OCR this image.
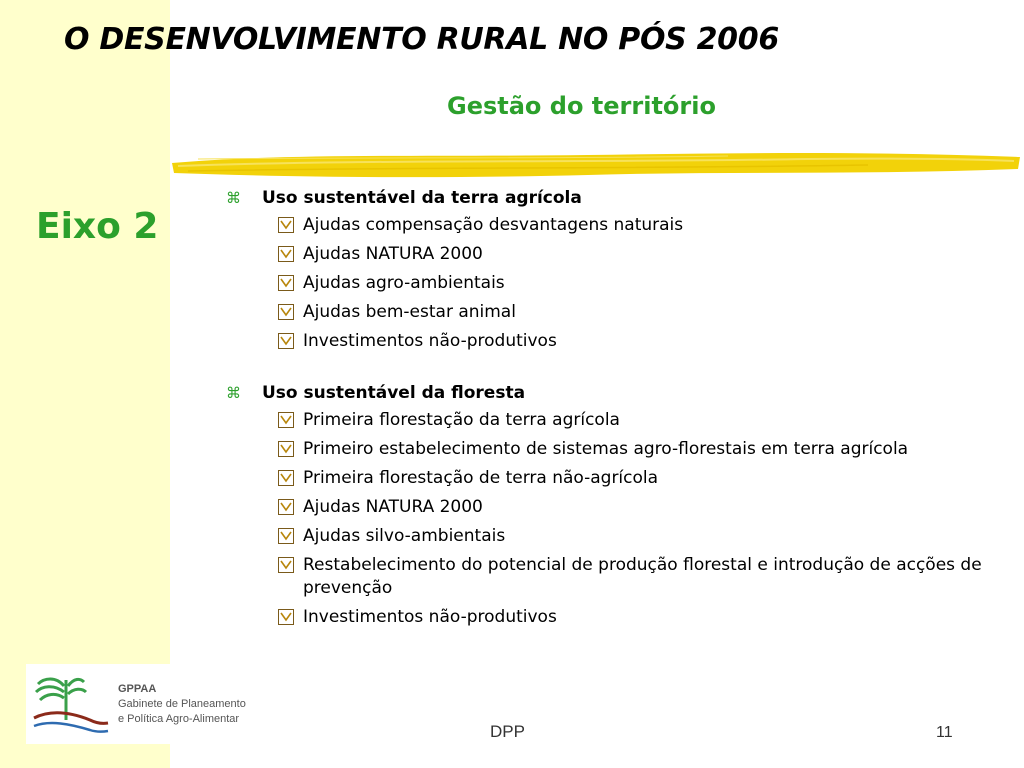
O DESENVOLVIMENTO RURAL NO PÓS 2006
Gestão do território
Eixo 2
⌘	Uso sustentável da terra agrícola
Ajudas compensação desvantagens naturais
Ajudas NATURA 2000
Ajudas agro-ambientais
Ajudas bem-estar animal
Investimentos não-produtivos
⌘	Uso sustentável da floresta
Primeira florestação da terra agrícola
Primeiro estabelecimento de sistemas agro-florestais em terra agrícola
Primeira florestação de terra não-agrícola
Ajudas NATURA 2000
Ajudas silvo-ambientais
Restabelecimento do potencial de produção florestal e introdução de acções de prevenção
Investimentos não-produtivos
GPPAA
Gabinete de Planeamento
e Política Agro-Alimentar
DPP	11
